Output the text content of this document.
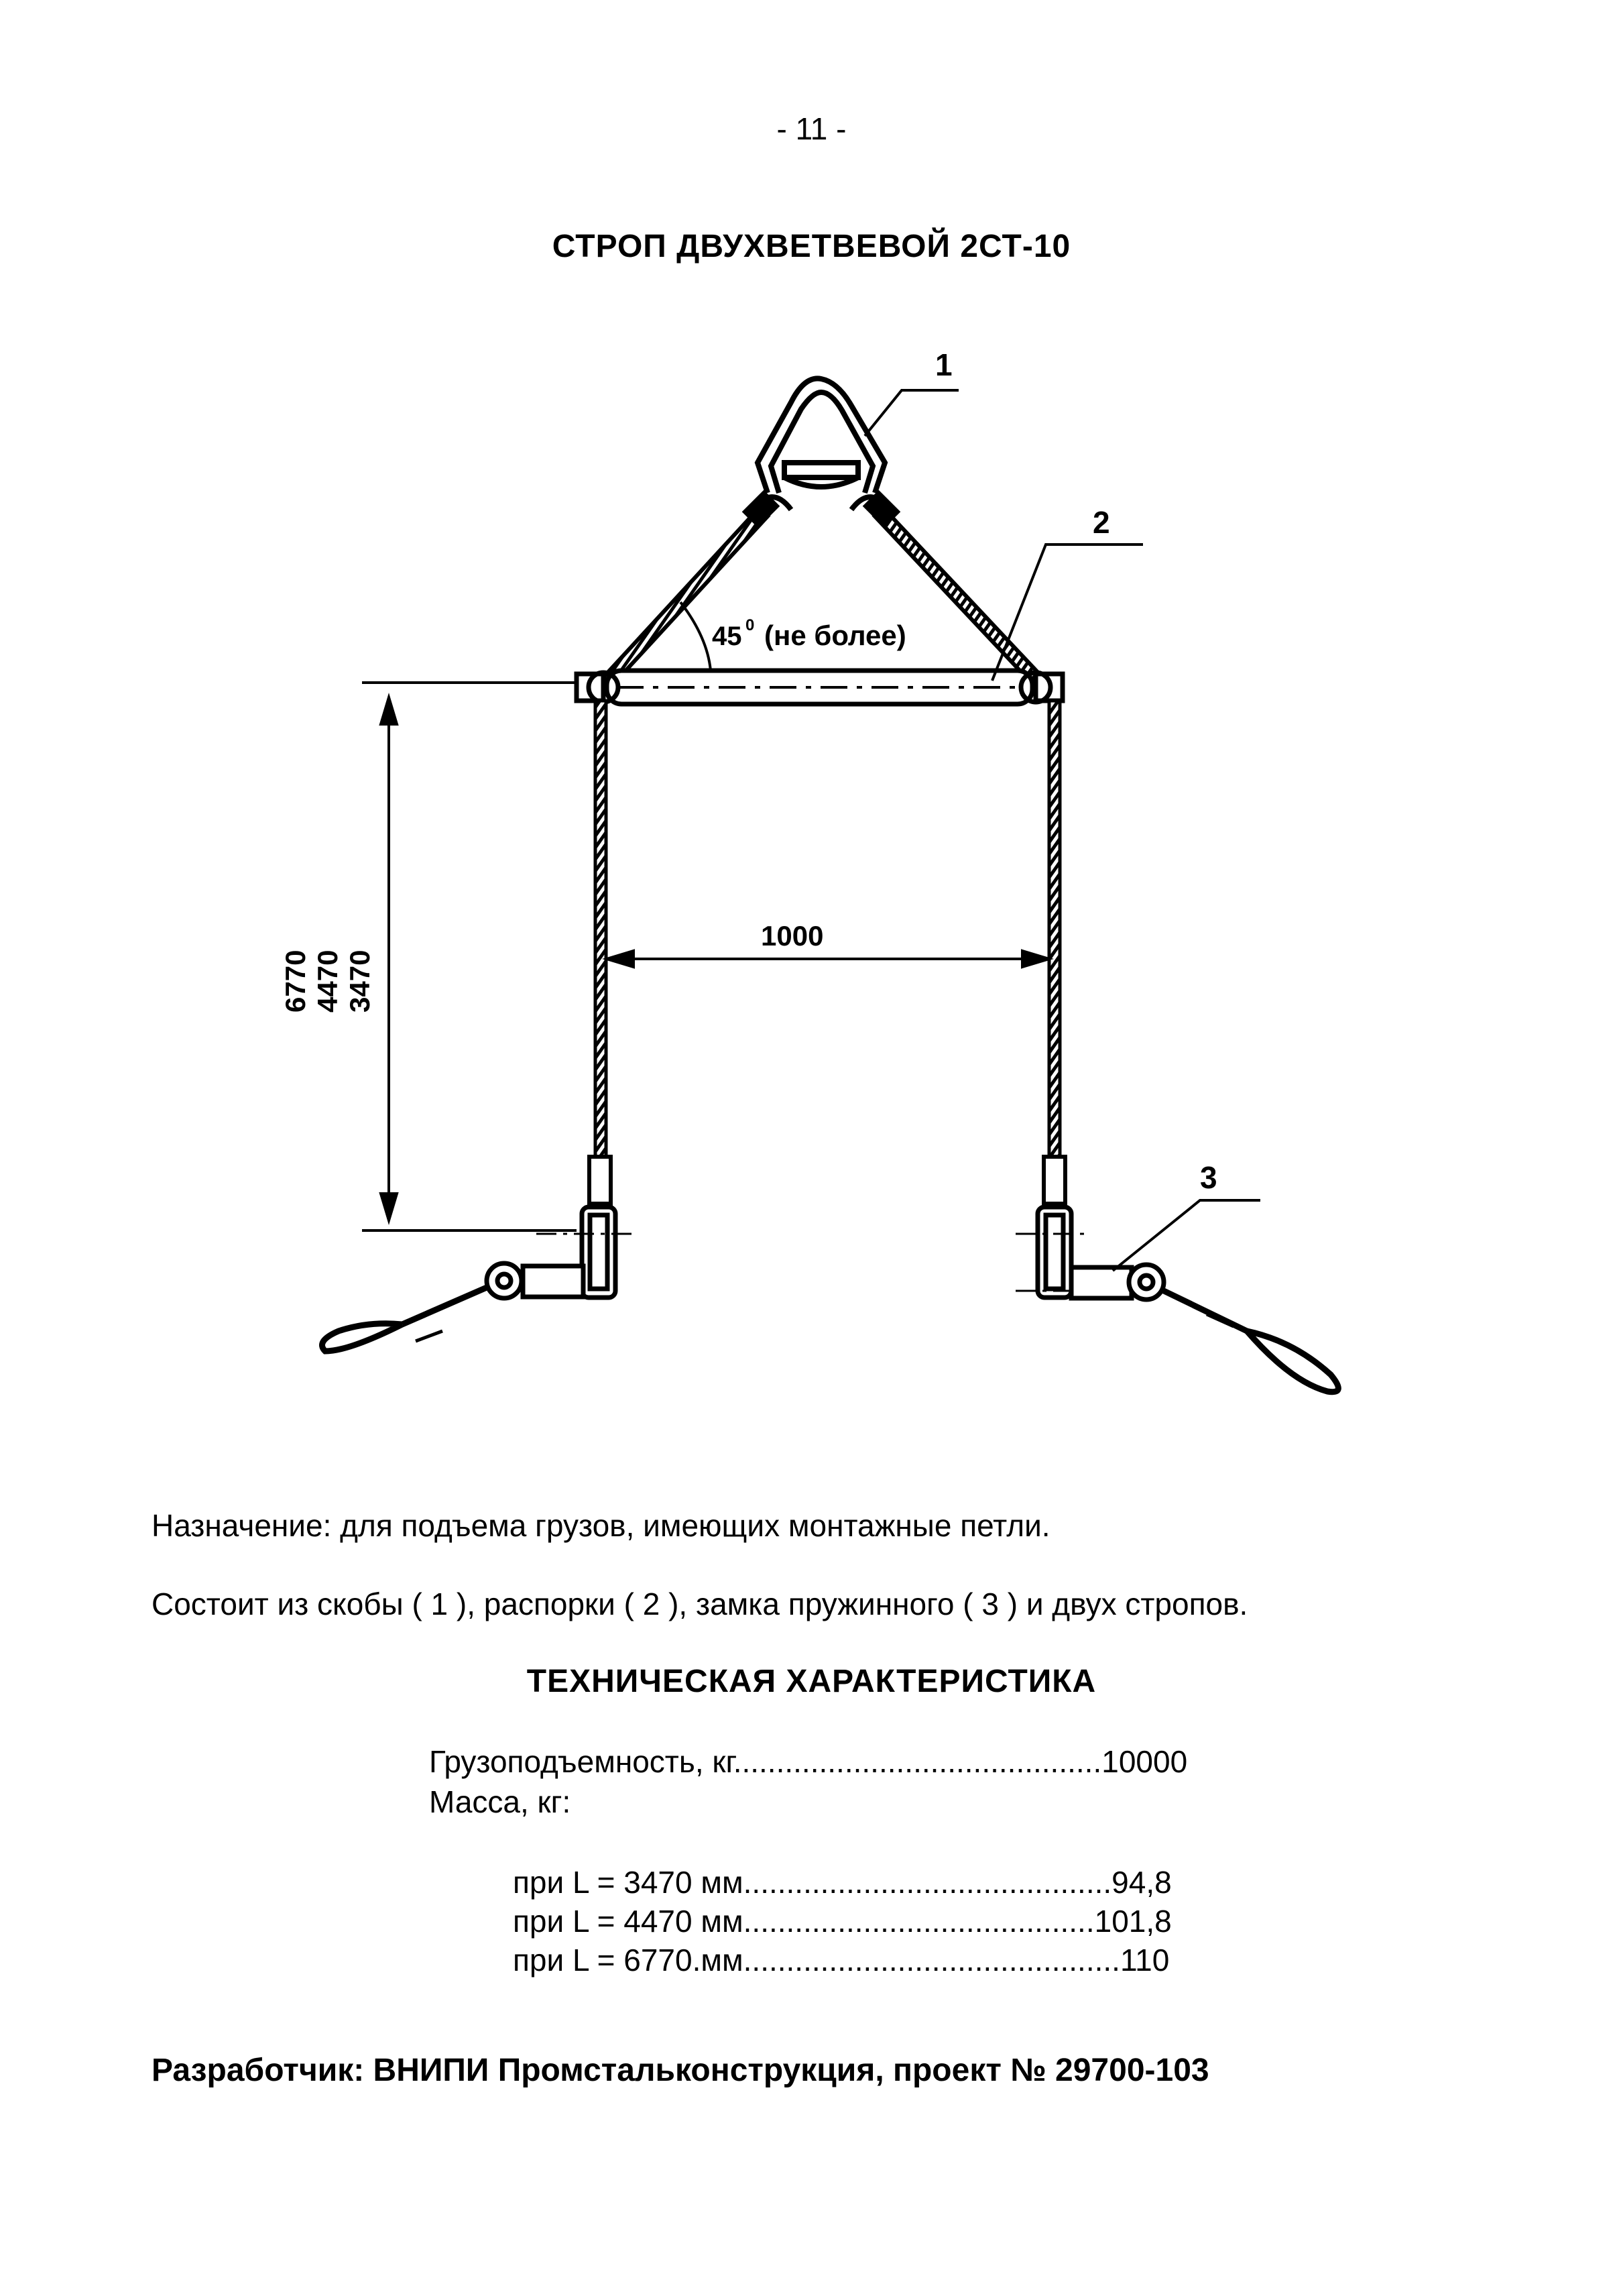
- 11 -
СТРОП ДВУХВЕТВЕВОЙ 2СТ-10
1
2
3
45 0 (не более)
1000
6770 4470 3470
Назначение: для подъема грузов, имеющих монтажные петли.
Состоит из скобы ( 1 ), распорки ( 2 ), замка пружинного ( 3 ) и двух стропов.
ТЕХНИЧЕСКАЯ ХАРАКТЕРИСТИКА
Грузоподъемность, кг...........................................10000
Масса, кг:
при L = 3470 мм...........................................94,8
при L = 4470 мм.........................................101,8
при L = 6770.мм............................................110
Разработчик: ВНИПИ Промстальконструкция, проект № 29700-103
